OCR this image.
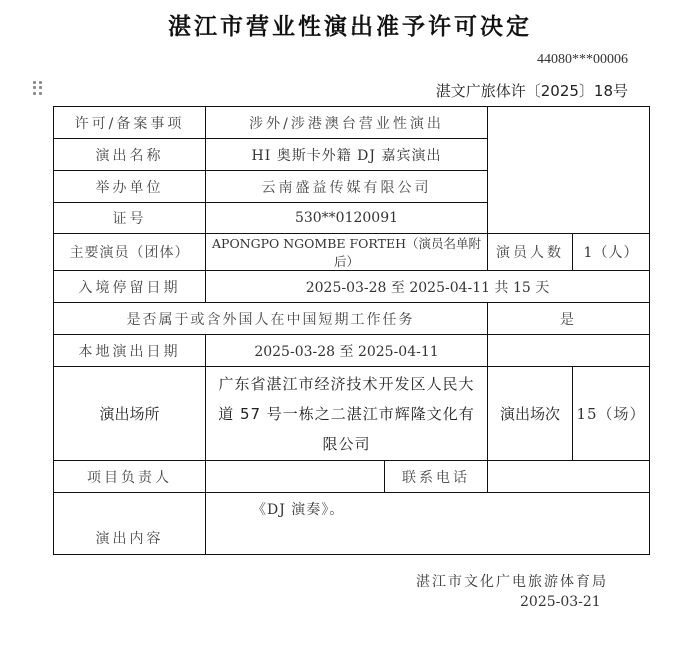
湛江市营业性演出准予许可决定
44080***00006
湛文广旅体许〔2025〕18号
许可/备案事项	涉外/涉港澳台营业性演出			
演出名称	HI 奥斯卡外籍 DJ 嘉宾演出			
举办单位	云南盛益传媒有限公司			
证号	530**0120091			
主要演员（团体）	APONGPO NGOMBE FORTEH（演员名单附后）		演员人数	1（人）
入境停留日期	2025-03-28 至 2025-04-11 共 15 天			
是否属于或含外国人在中国短期工作任务			是	
本地演出日期	2025-03-28 至 2025-04-11			
演出场所	广东省湛江市经济技术开发区人民大道 57 号一栋之二湛江市辉隆文化有限公司		演出场次	15（场）
项目负责人		联系电话		
演出内容	《DJ 演奏》。			
湛江市文化广电旅游体育局
2025-03-21
